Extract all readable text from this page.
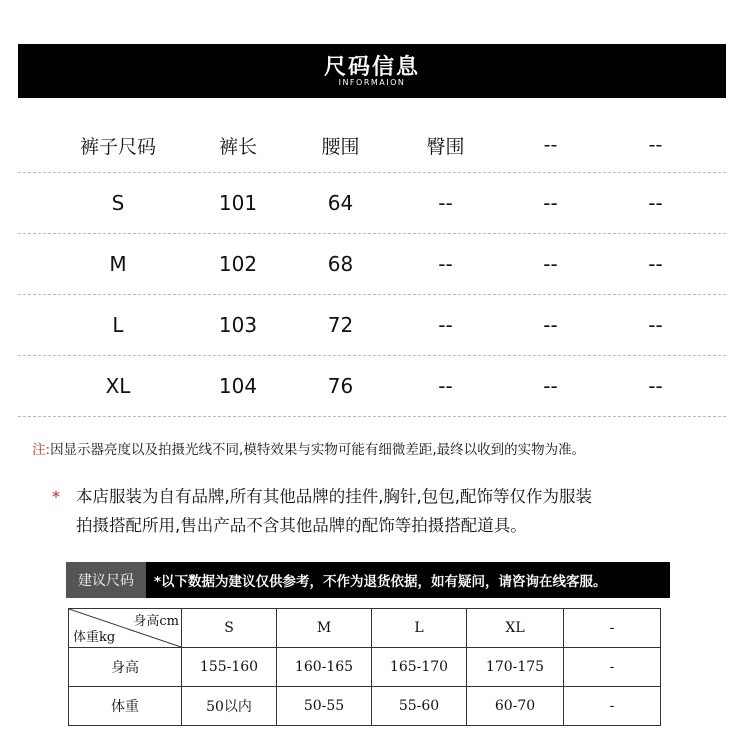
尺码信息
INFORMAION
裤子尺码	裤长	腰围	臀围	--	--
S	101	64	--	--	--
M	102	68	--	--	--
L	103	72	--	--	--
XL	104	76	--	--	--
注:因显示器亮度以及拍摄光线不同,模特效果与实物可能有细微差距,最终以收到的实物为准。
* 本店服装为自有品牌,所有其他品牌的挂件,胸针,包包,配饰等仅作为服装
拍摄搭配所用,售出产品不含其他品牌的配饰等拍摄搭配道具。
建议尺码	*以下数据为建议仅供参考，不作为退货依据，如有疑问，请咨询在线客服。
身高cm
体重kg	S	M	L	XL	-
身高	155-160	160-165	165-170	170-175	-
体重	50以内	50-55	55-60	60-70	-
